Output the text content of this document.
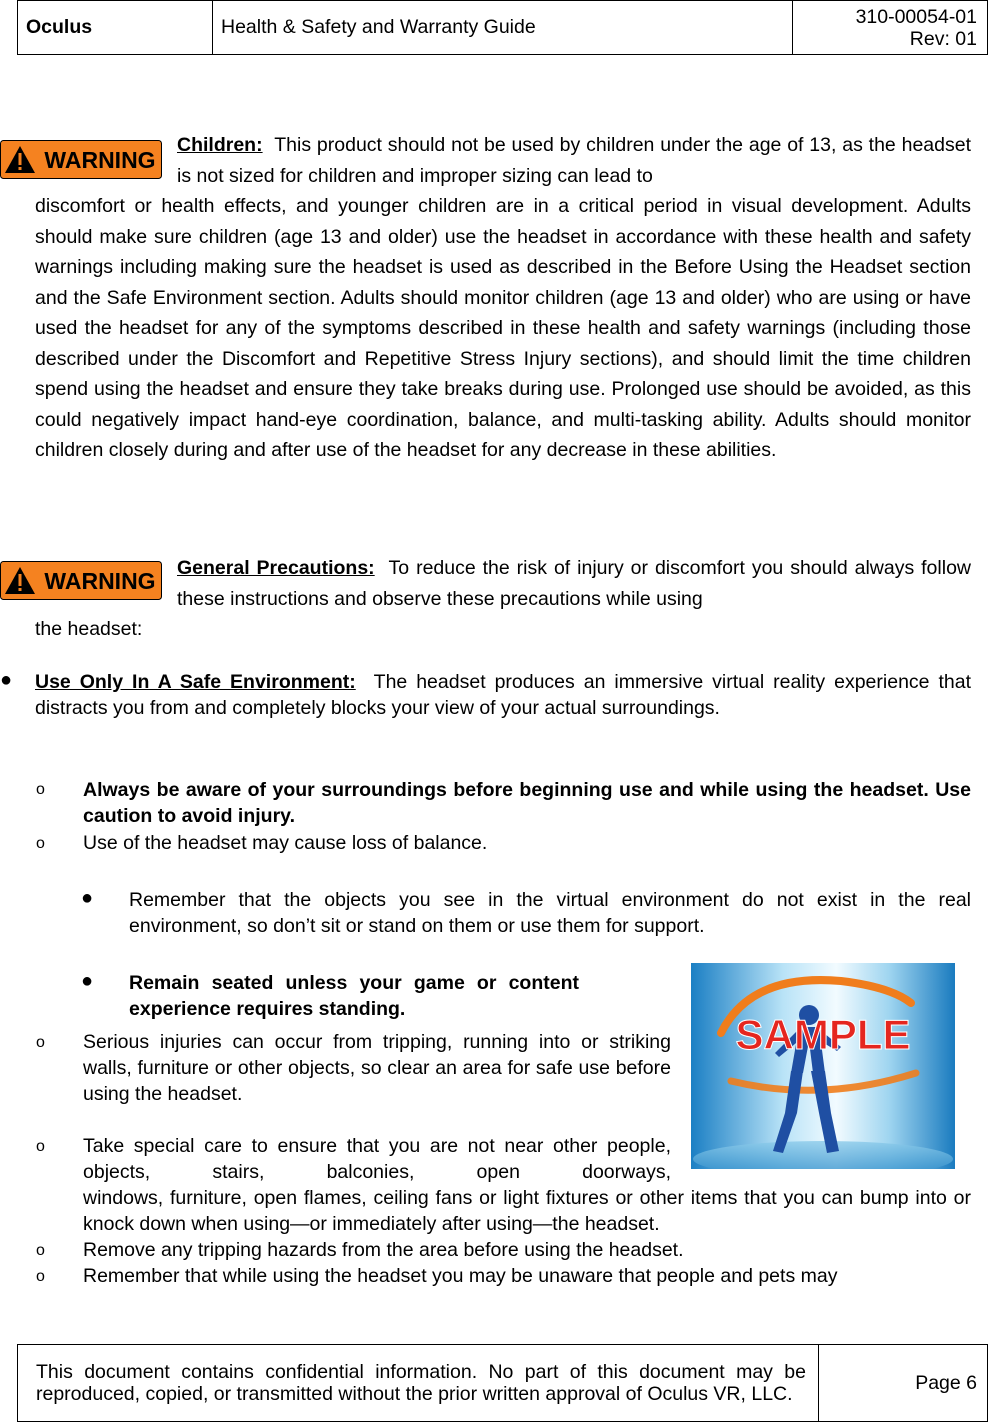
Oculus	Health & Safety and Warranty Guide	310-00054-01
Rev: 01
WARNING
Children: This product should not be used by children under the age of 13, as the headset is not sized for children and improper sizing can lead to
discomfort or health effects, and younger children are in a critical period in visual development. Adults should make sure children (age 13 and older) use the headset in accordance with these health and safety warnings including making sure the headset is used as described in the Before Using the Headset section and the Safe Environment section. Adults should monitor children (age 13 and older) who are using or have used the headset for any of the symptoms described in these health and safety warnings (including those described under the Discomfort and Repetitive Stress Injury sections), and should limit the time children spend using the headset and ensure they take breaks during use. Prolonged use should be avoided, as this could negatively impact hand-eye coordination, balance, and multi-tasking ability. Adults should monitor children closely during and after use of the headset for any decrease in these abilities.
WARNING General Precautions: To reduce the risk of injury or discomfort you should always follow these instructions and observe these precautions while using
the headset:
● Use Only In A Safe Environment: The headset produces an immersive virtual reality experience that distracts you from and completely blocks your view of your actual surroundings.
o Always be aware of your surroundings before beginning use and while using the headset. Use caution to avoid injury.
o Use of the headset may cause loss of balance.
● Remember that the objects you see in the virtual environment do not exist in the real environment, so don’t sit or stand on them or use them for support.
● Remain seated unless your game or content experience requires standing.
SAMPLE
o Serious injuries can occur from tripping, running into or striking walls, furniture or other objects, so clear an area for safe use before using the headset.
o Take special care to ensure that you are not near other people, objects, stairs, balconies, open doorways,
windows, furniture, open flames, ceiling fans or light fixtures or other items that you can bump into or knock down when using—or immediately after using—the headset.
o Remove any tripping hazards from the area before using the headset.
o Remember that while using the headset you may be unaware that people and pets may
This document contains confidential information. No part of this document may be reproduced, copied, or transmitted without the prior written approval of Oculus VR, LLC.	Page 6
